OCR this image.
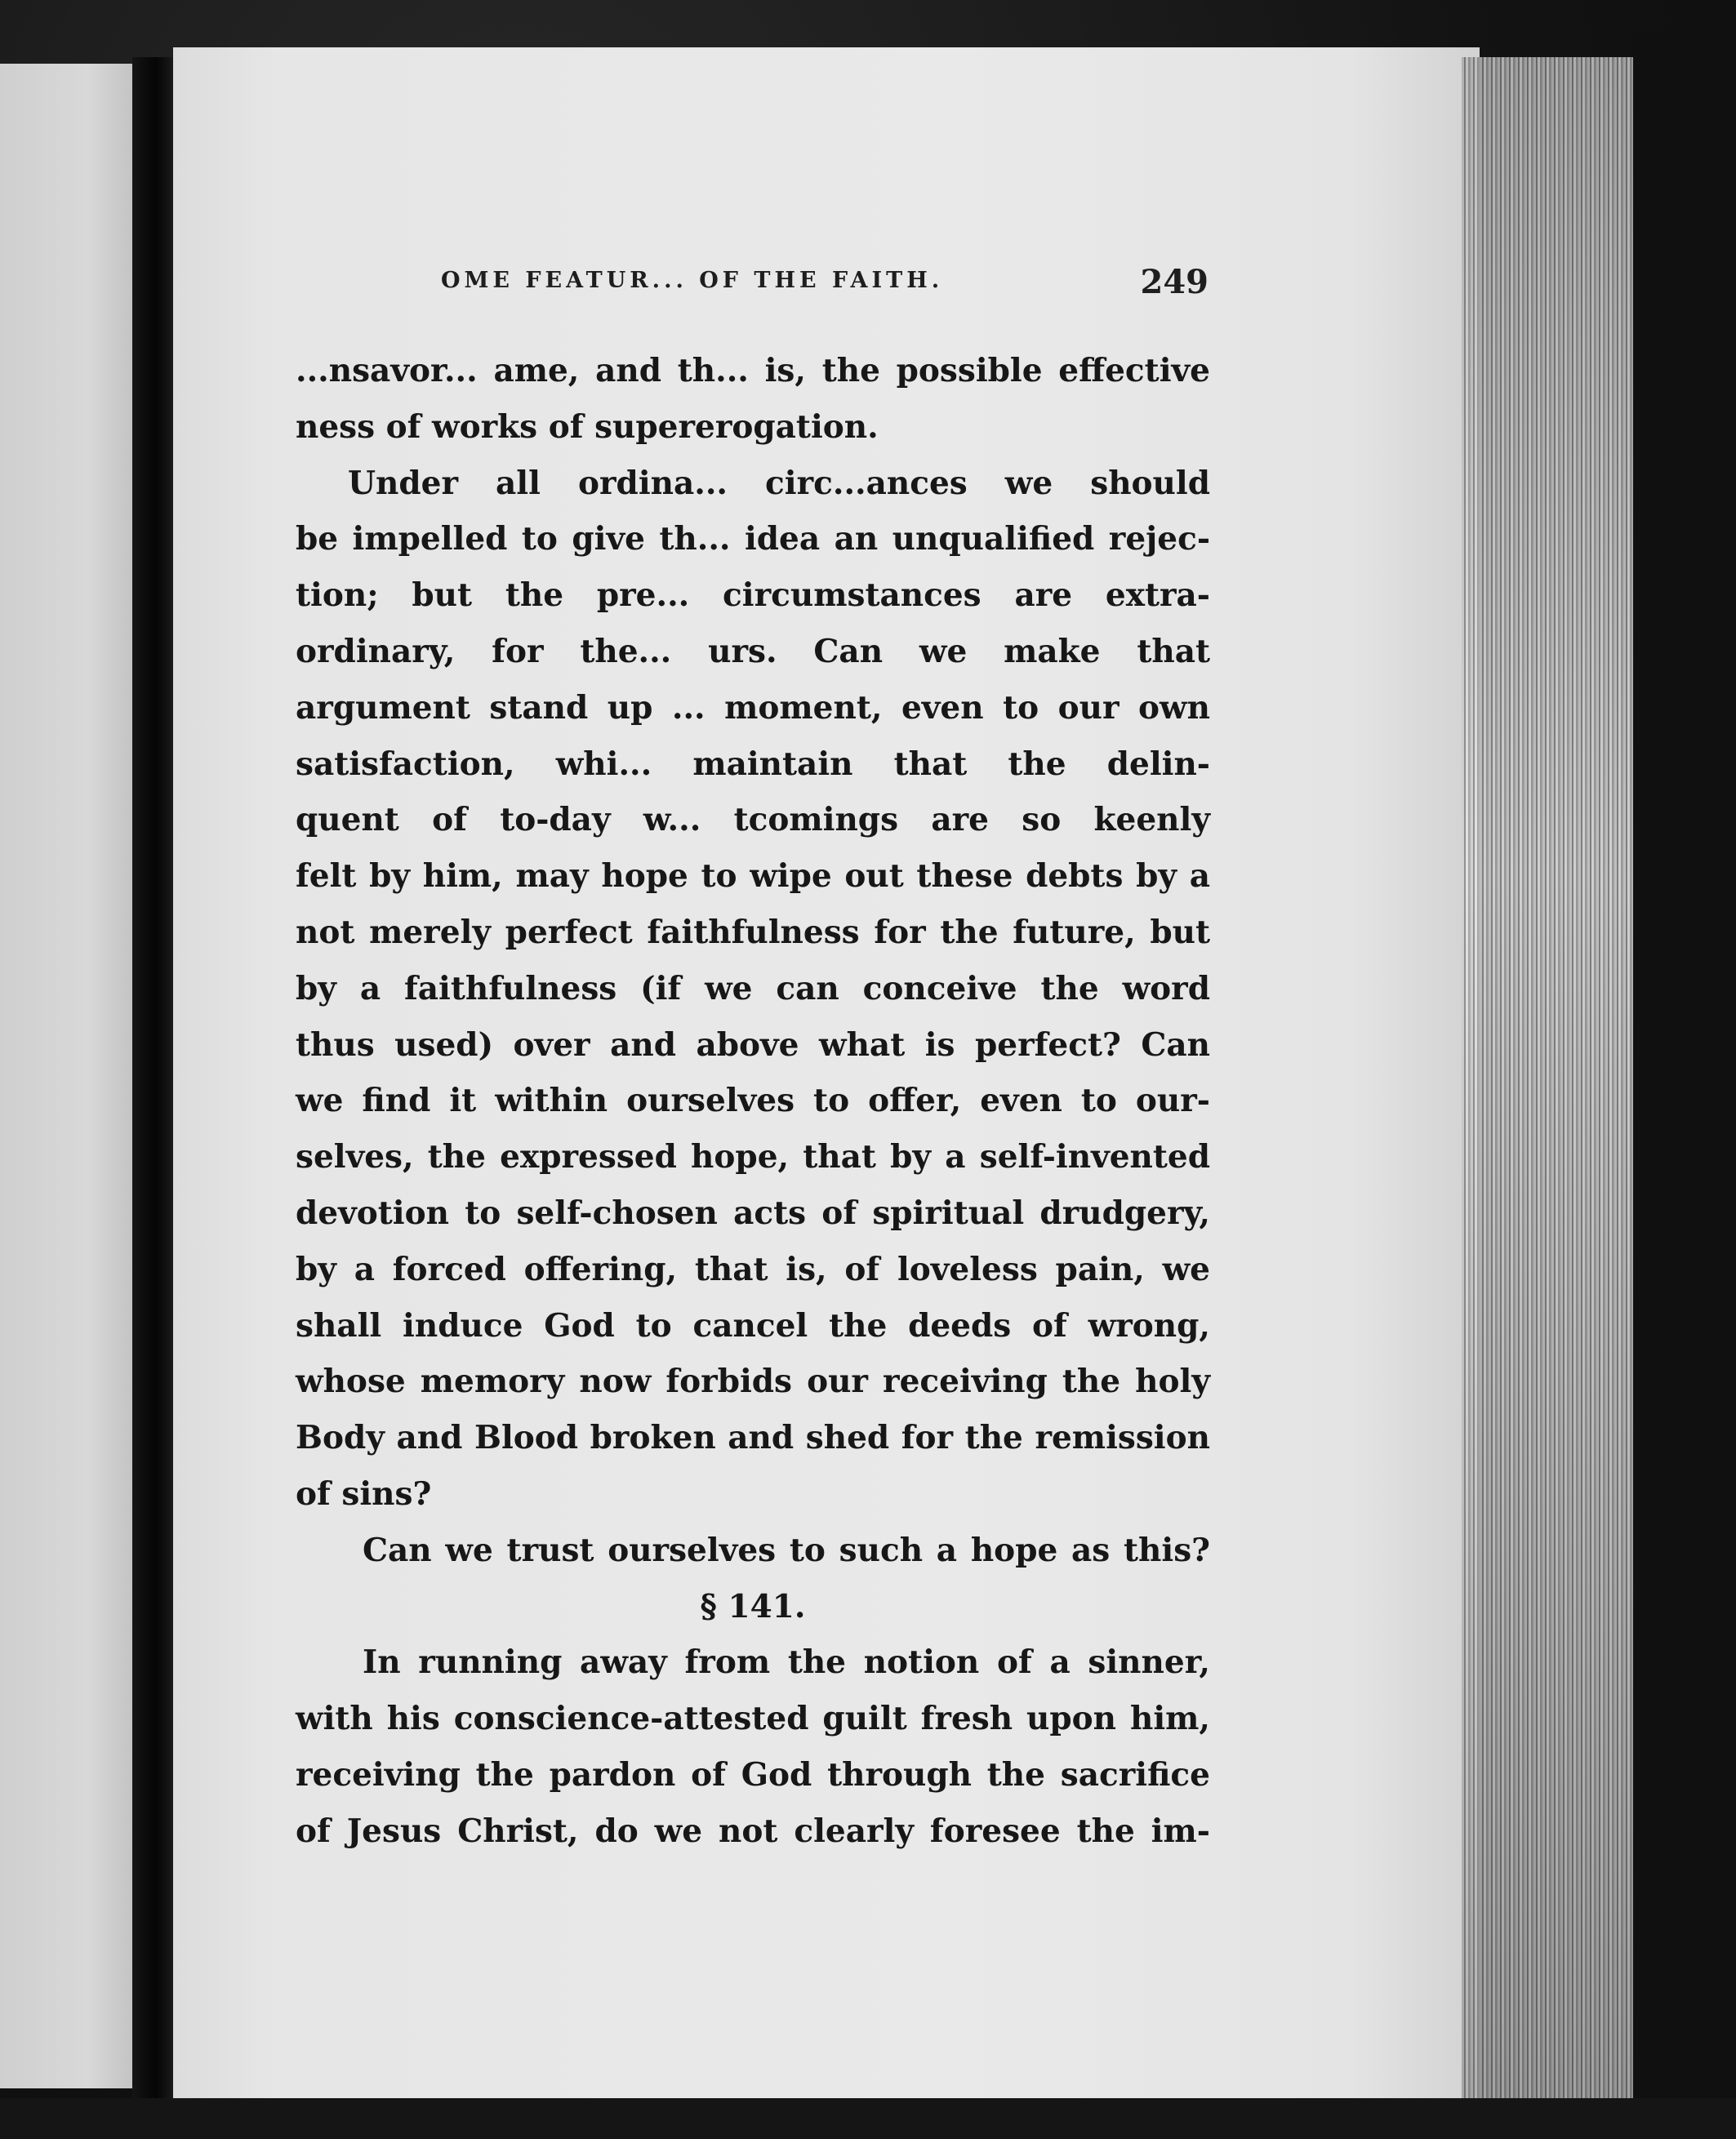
OME FEATUR... OF THE FAITH.	249
...nsavor... ame, and th... is, the possible effective
ness of works of supererogation.
Under all ordina... circ...ances we should
be impelled to give th... idea an unqualified rejec-
tion; but the pre... circumstances are extra-
ordinary, for the... urs. Can we make that
argument stand up ... moment, even to our own
satisfaction, whi... maintain that the delin-
quent of to-day w... tcomings are so keenly
felt by him, may hope to wipe out these debts by a
not merely perfect faithfulness for the future, but
by a faithfulness (if we can conceive the word
thus used) over and above what is perfect? Can
we find it within ourselves to offer, even to our-
selves, the expressed hope, that by a self-invented
devotion to self-chosen acts of spiritual drudgery,
by a forced offering, that is, of loveless pain, we
shall induce God to cancel the deeds of wrong,
whose memory now forbids our receiving the holy
Body and Blood broken and shed for the remission
of sins?
Can we trust ourselves to such a hope as this?
§ 141.
In running away from the notion of a sinner,
with his conscience-attested guilt fresh upon him,
receiving the pardon of God through the sacrifice
of Jesus Christ, do we not clearly foresee the im-
